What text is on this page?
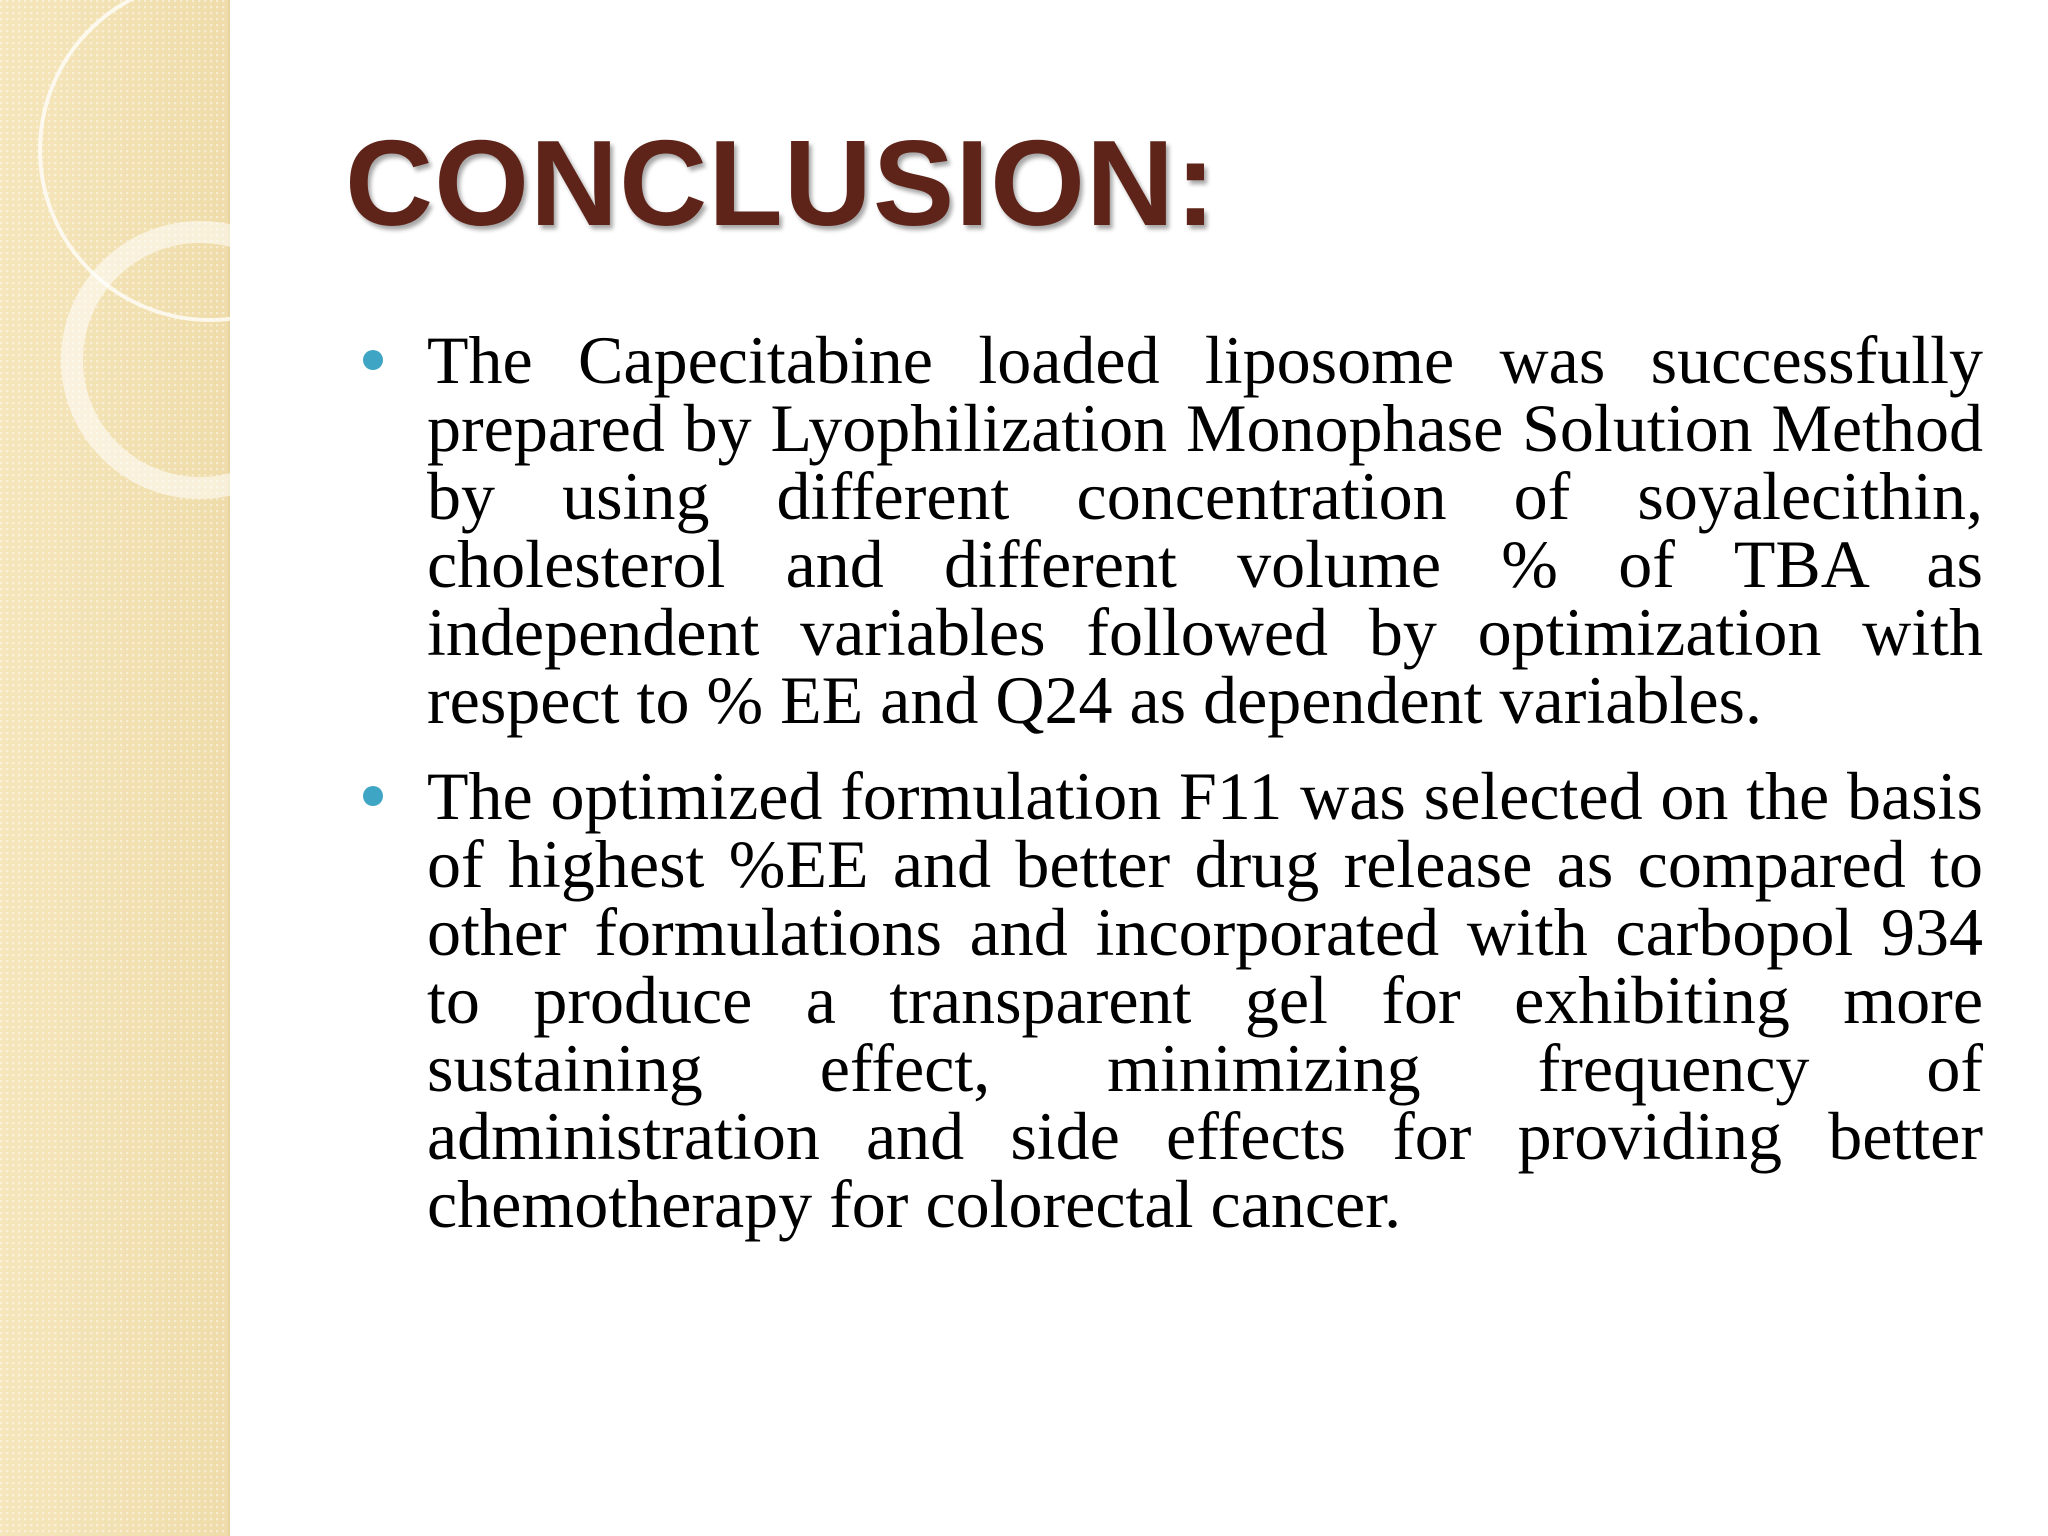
CONCLUSION:
The Capecitabine loaded liposome was successfully prepared by Lyophilization Monophase Solution Method by using different concentration of soyalecithin, cholesterol and different volume % of TBA as independent variables followed by optimization with respect to % EE and Q24 as dependent variables.
The optimized formulation F11 was selected on the basis of highest %EE and better drug release as compared to other formulations and incorporated with carbopol 934 to produce a transparent gel for exhibiting more sustaining effect, minimizing frequency of administration and side effects for providing better chemotherapy for colorectal cancer.
